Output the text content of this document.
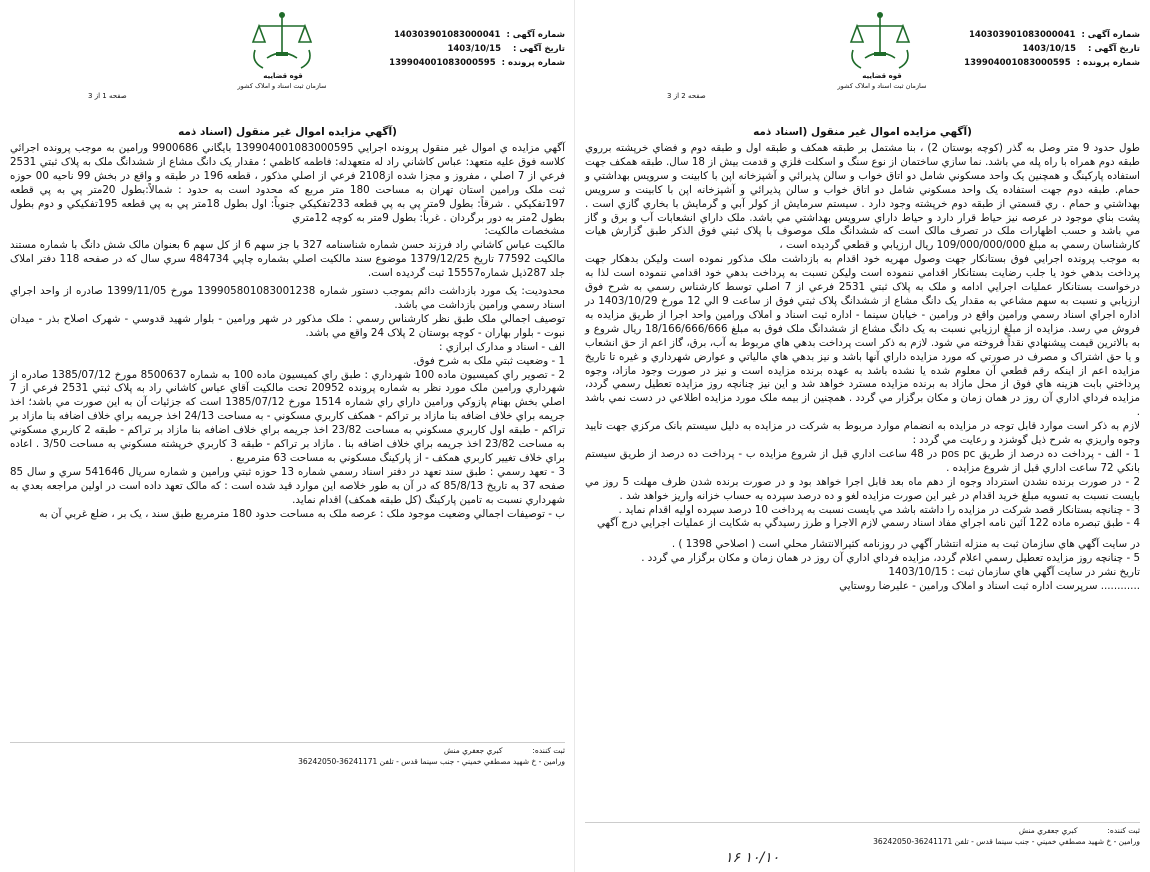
قوه قضاییه
سازمان ثبت اسناد و املاک کشور
شماره آگهی :
140303901083000041
تاریخ آگهی :
1403/10/15
شماره پرونده :
139904001083000595
صفحه 1 از 3
(آگهي مزايده اموال غير منقول (اسناد ذمه

آگهي مزايده ي اموال غير منقول پرونده اجرايي 139904001083000595 بايگاني 9900686 ورامين به موجب پرونده اجرائي كلاسه فوق عليه متعهد: عباس كاشاني راد له متعهدله: فاطمه كاظمي ؛ مقدار يک دانگ مشاع از ششدانگ ملک به پلاک ثبتي 2531 فرعي از 7 اصلي ، مفروز و مجزا شده از2108 فرعي از اصلي مذکور ، قطعه 196 در طبقه و واقع در بخش 99 ناحيه 00 حوزه ثبت ملک ورامين استان تهران به مساحت 180 متر مربع كه محدود است به حدود : شمالاً:بطول 20متر پي به پي قطعه 197تفکيکي . شرقاً: بطول 9متر پي به پي قطعه 233تفکيکي جنوباً: اول بطول 18متر پي به پي قطعه 195تفکيکي و دوم بطول بطول 2متر به دور برگردان . غرباً: بطول 9متر به کوچه 12متري

مشخصات مالكيت:

مالكيت عباس كاشاني راد فرزند حسن شماره شناسنامه 327 با جز سهم 6 از كل سهم 6 بعنوان مالک شش دانگ با شماره مستند مالكيت 77592 تاريخ 1379/12/25 موضوع سند مالكيت اصلي بشماره چاپي 484734 سري سال كه در صفحه 118 دفتر املاک جلد 287ذيل شماره15557 ثبت گرديده است.

محدوديت: يک مورد بازداشت دائم بموجب دستور شماره 139905801083001238 مورخ 1399/11/05 صادره از واحد اجراي اسناد رسمي ورامين بازداشت مي باشد.

توصيف اجمالي ملک طبق نظر کارشناس رسمي : ملک مذکور در شهر ورامين - بلوار شهيد قدوسي - شهرک اصلاح بذر - ميدان نبوت - بلوار بهاران - کوچه بوستان 2 پلاک 24 واقع مي باشد.

الف - اسناد و مدارک ابرازي :

1 - وضعيت ثبتي ملک به شرح فوق.

2 - تصوير راي کميسيون ماده 100 شهرداري : طبق راي کميسيون ماده 100 به شماره 8500637 مورخ 1385/07/12 صادره از شهرداري ورامين ملک مورد نظر به شماره پرونده 20952 تحت مالکيت آقاي عباس کاشاني راد به پلاک ثبتي 2531 فرعي از 7 اصلي بخش بهنام پازوکي ورامين داراي راي شماره 1514 مورخ 1385/07/12 است که جزئيات آن به اين صورت مي باشد؛ اخذ جريمه براي خلاف اضافه بنا مازاد بر تراکم - همکف کاربري مسکوني - به مساحت 24/13 اخذ جريمه براي خلاف اضافه بنا مازاد بر تراکم - طبقه اول کاربري مسکوني به مساحت 23/82 اخذ جريمه براي خلاف اضافه بنا مازاد بر تراکم - طبقه 2 کاربري مسکوني به مساحت 23/82 اخذ جريمه براي خلاف اضافه بنا . مازاد بر تراکم - طبقه 3 کاربري خرپشته مسکوني به مساحت 3/50 . اعاده براي خلاف تغيير کاربري همکف - از پارکينگ مسکوني به مساحت 63 مترمربع .

3 - تعهد رسمي : طبق سند تعهد در دفتر اسناد رسمي شماره 13 حوزه ثبتي ورامين و شماره سريال 541646 سري و سال 85 صفحه 37 به تاريخ 85/8/13 که در آن به طور خلاصه اين موارد قيد شده است : که مالک تعهد داده است در اولين مراجعه بعدي به شهرداري نسبت به تامين پارکينگ (كل طبقه همكف) اقدام نمايد.

ب - توصيفات اجمالي وضعيت موجود ملک : عرصه ملک به مساحت حدود 180 مترمربع طبق سند ، يک بر ، ضلع غربي آن به

ثبت كننده:
كبري جعفري منش
ورامين - خ شهيد مصطفي خميني - جنب سينما قدس - تلفن 36241171-36242050
قوه قضاییه
سازمان ثبت اسناد و املاک کشور
شماره آگهی :
140303901083000041
تاریخ آگهی :
1403/10/15
شماره پرونده :
139904001083000595
صفحه 2 از 3
(آگهي مزايده اموال غير منقول (اسناد ذمه

طول حدود 9 متر وصل به گذر (کوچه بوستان 2) ، بنا مشتمل بر طبقه همکف و طبقه اول و طبقه دوم و فضاي خرپشته برروي طبقه دوم همراه با راه پله مي باشد. نما سازي ساختمان از نوع سنگ و اسکلت فلزي و قدمت بيش از 18 سال. طبقه همکف جهت استفاده پارکينگ و همچنين يک واحد مسکوني شامل دو اتاق خواب و سالن پذيرائي و آشپزخانه اپن با کابينت و سرويس بهداشتي و حمام. طبقه دوم جهت استفاده يک واحد مسکوني شامل دو اتاق خواب و سالن پذيرائي و آشپزخانه اپن با کابينت و سرويس بهداشتي و حمام . ري قسمتي از طبقه دوم خرپشته وجود دارد . سيستم سرمايش از کولر آبي و گرمايش با بخاري گازي است . پشت بناي موجود در عرصه نيز حياط قرار دارد و حياط داراي سرويس بهداشتي مي باشد. ملک داراي انشعابات آب و برق و گاز مي باشد و حسب اظهارات ملک در تصرف مالک است که ششدانگ ملک موصوف با پلاک ثبتي فوق الذکر طبق گزارش هيات کارشناسان رسمي به مبلغ 109/000/000/000 ريال ارزيابي و قطعي گرديده است ،

به موجب پرونده اجرايي فوق بستانکار جهت وصول مهريه خود اقدام به بازداشت ملک مذکور نموده است ولیکن بدهکار جهت پرداخت بدهي خود يا جلب رضايت بستانکار اقدامي ننموده است ولیکن نسبت به پرداخت بدهي خود اقدامي ننموده است لذا به درخواست بستانکار عمليات اجرايي ادامه و ملک به پلاک ثبتي 2531 فرعي از 7 اصلي توسط کارشناس رسمي به شرح فوق ارزيابي و نسبت به سهم مشاعي به مقدار يک دانگ مشاع از ششدانگ پلاک ثبتي فوق از ساعت 9 الي 12 مورخ 1403/10/29 در اداره اجراي اسناد رسمي ورامين واقع در ورامين - خيابان سينما - اداره ثبت اسناد و املاک ورامين واحد اجرا از طريق مزايده به فروش مي رسد. مزايده از مبلغ ارزيابي نسبت به يک دانگ مشاع از ششدانگ ملک فوق به مبلغ 18/166/666/666 ريال شروع و به بالاترين قيمت پيشنهادي نقداً فروخته مي شود. لازم به ذکر است پرداخت بدهي هاي مربوط به آب، برق، گاز اعم از حق انشعاب و يا حق اشتراک و مصرف در صورتي که مورد مزايده داراي آنها باشد و نيز بدهي هاي مالياتي و عوارض شهرداري و غيره تا تاريخ مزايده اعم از اينکه رقم قطعي آن معلوم شده يا نشده باشد به عهده برنده مزايده است و نيز در صورت وجود مازاد، وجوه پرداختي بابت هزينه هاي فوق از محل مازاد به برنده مزايده مسترد خواهد شد و اين نيز چنانچه روز مزايده تعطيل رسمي گردد، مزايده فرداي اداري آن روز در همان زمان و مكان برگزار مي گردد . همچنين از بيمه ملک مورد مزايده اطلاعي در دست نمي باشد .

لازم به ذکر است موارد قابل توجه در مزايده به انضمام موارد مربوط به شرکت در مزايده به دليل سيستم بانک مرکزي جهت تاييد وجوه واريزي به شرح ذيل گوشزد و رعايت مي گردد :

1 - الف - پرداخت ده درصد از طريق pos pc در 48 ساعت اداري قبل از شروع مزايده ب - پرداخت ده درصد از طريق سيستم بانکي 72 ساعت اداري قبل از شروع مزايده .

2 - در صورت برنده نشدن استرداد وجوه از دهم ماه بعد قابل اجرا خواهد بود و در صورت برنده شدن ظرف مهلت 5 روز مي بايست نسبت به تسويه مبلغ خريد اقدام در غير اين صورت مزايده لغو و ده درصد سپرده به حساب خزانه واريز خواهد شد .

3 - چنانچه بستانکار قصد شرکت در مزايده را داشته باشد مي بايست نسبت به پرداخت 10 درصد سپرده اوليه اقدام نمايد .

4 - طبق تبصره ماده 122 آئين نامه اجراي مفاد اسناد رسمي لازم الاجرا و طرز رسيدگي به شكايت از عمليات اجرايي درج آگهي

در سايت آگهي هاي سازمان ثبت به منزله انتشار آگهي در روزنامه كثيرالانتشار محلي است ( اصلاحي 1398 ) .

5 - چنانچه روز مزايده تعطيل رسمي اعلام گردد، مزايده فرداي اداري آن روز در همان زمان و مكان برگزار مي گردد .

تاريخ نشر در سايت آگهي هاي سازمان ثبت : 1403/10/15

............ سرپرست اداره ثبت اسناد و املاک ورامين - عليرضا روستايي

ثبت كننده:
كبري جعفري منش
ورامين - خ شهيد مصطفي خميني - جنب سينما قدس - تلفن 36241171-36242050
۱۰/۱۰ ۱۶
